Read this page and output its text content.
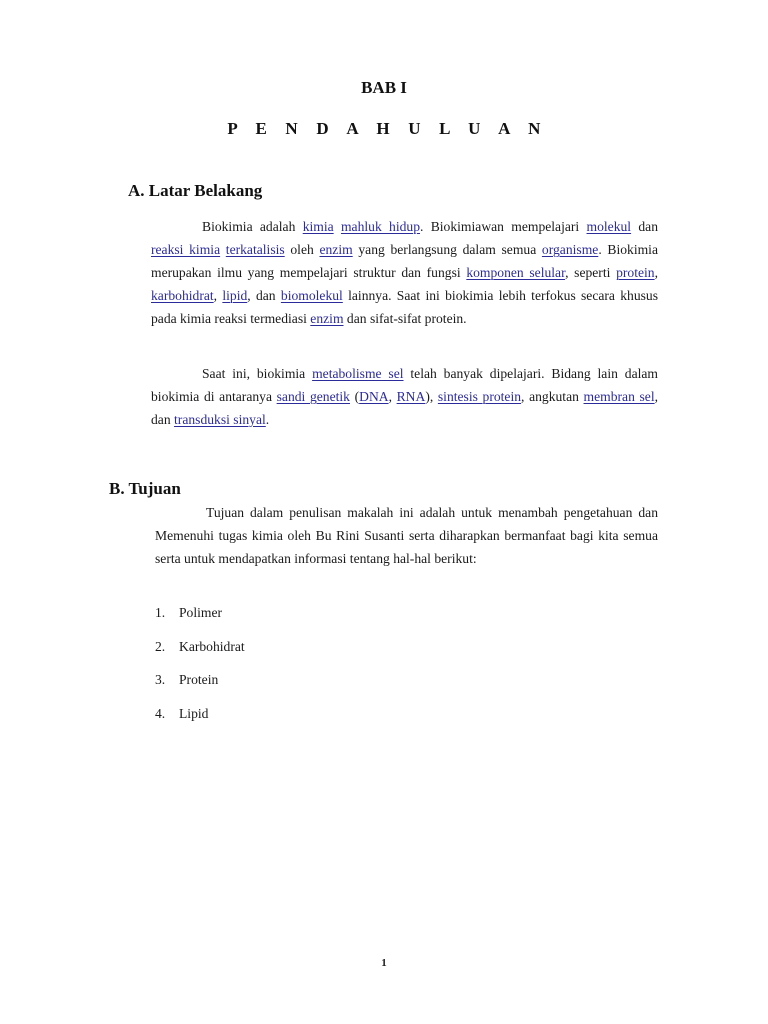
BAB I
P E N D A H U L U A N
A. Latar Belakang

Biokimia adalah kimia mahluk hidup. Biokimiawan mempelajari molekul dan reaksi kimia terkatalisis oleh enzim yang berlangsung dalam semua organisme. Biokimia merupakan ilmu yang mempelajari struktur dan fungsi komponen selular, seperti protein, karbohidrat, lipid, dan biomolekul lainnya. Saat ini biokimia lebih terfokus secara khusus pada kimia reaksi termediasi enzim dan sifat-sifat protein.

Saat ini, biokimia metabolisme sel telah banyak dipelajari. Bidang lain dalam biokimia di antaranya sandi genetik (DNA, RNA), sintesis protein, angkutan membran sel, dan transduksi sinyal.

B. Tujuan

Tujuan dalam penulisan makalah ini adalah untuk menambah pengetahuan dan Memenuhi tugas kimia oleh Bu Rini Susanti serta diharapkan bermanfaat bagi kita semua serta untuk mendapatkan informasi tentang hal-hal berikut:

1.	Polimer
2.	Karbohidrat
3.	Protein
4.	Lipid
1
